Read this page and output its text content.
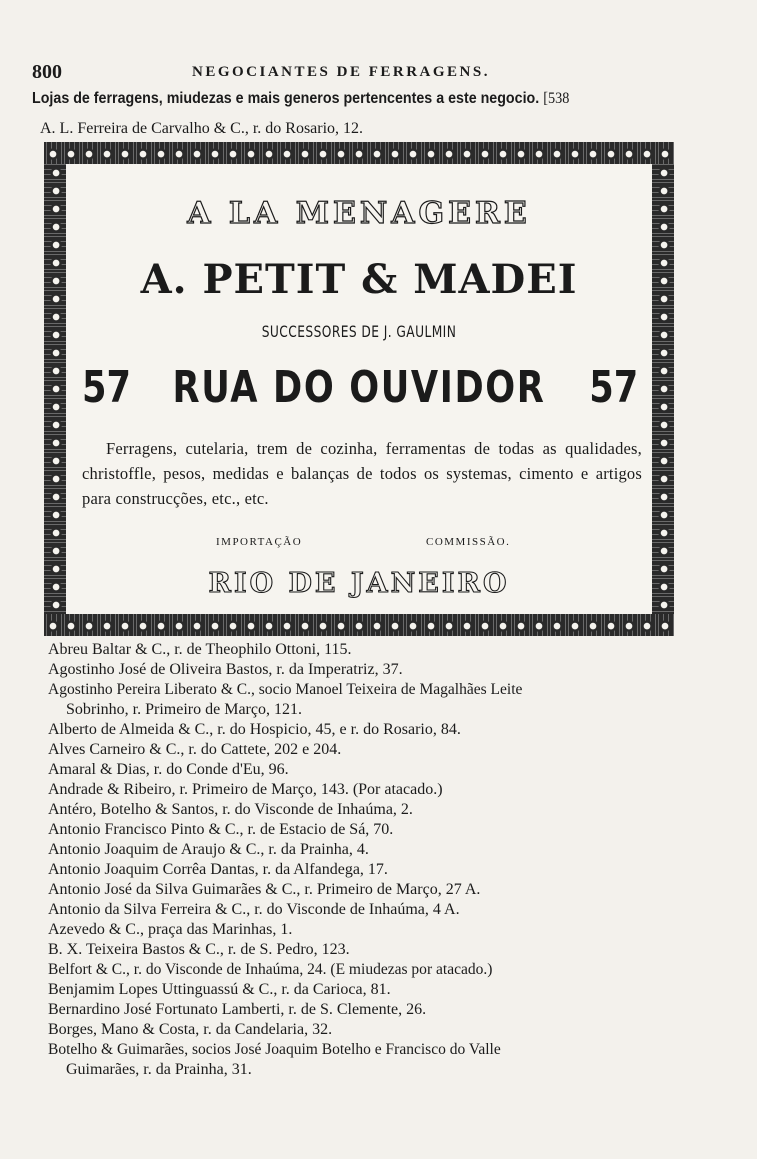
800	NEGOCIANTES DE FERRAGENS.
Lojas de ferragens, miudezas e mais generos pertencentes a este negocio. [538
A. L. Ferreira de Carvalho & C., r. do Rosario, 12.
A LA MENAGERE
A. PETIT & MADEI
SUCCESSORES DE J. GAULMIN
RUA DO OUVIDOR
57	57
Ferragens, cutelaria, trem de cozinha, ferramentas de todas as qualidades, christoffle, pesos, medidas e balanças de todos os systemas, cimento e artigos para construcções, etc., etc.
IMPORTAÇÃO	COMMISSÃO.
RIO DE JANEIRO
Abreu Baltar & C., r. de Theophilo Ottoni, 115.
Agostinho José de Oliveira Bastos, r. da Imperatriz, 37.
Agostinho Pereira Liberato & C., socio Manoel Teixeira de Magalhães Leite
Sobrinho, r. Primeiro de Março, 121.
Alberto de Almeida & C., r. do Hospicio, 45, e r. do Rosario, 84.
Alves Carneiro & C., r. do Cattete, 202 e 204.
Amaral & Dias, r. do Conde d'Eu, 96.
Andrade & Ribeiro, r. Primeiro de Março, 143. (Por atacado.)
Antéro, Botelho & Santos, r. do Visconde de Inhaúma, 2.
Antonio Francisco Pinto & C., r. de Estacio de Sá, 70.
Antonio Joaquim de Araujo & C., r. da Prainha, 4.
Antonio Joaquim Corrêa Dantas, r. da Alfandega, 17.
Antonio José da Silva Guimarães & C., r. Primeiro de Março, 27 A.
Antonio da Silva Ferreira & C., r. do Visconde de Inhaúma, 4 A.
Azevedo & C., praça das Marinhas, 1.
B. X. Teixeira Bastos & C., r. de S. Pedro, 123.
Belfort & C., r. do Visconde de Inhaúma, 24. (E miudezas por atacado.)
Benjamim Lopes Uttinguassú & C., r. da Carioca, 81.
Bernardino José Fortunato Lamberti, r. de S. Clemente, 26.
Borges, Mano & Costa, r. da Candelaria, 32.
Botelho & Guimarães, socios José Joaquim Botelho e Francisco do Valle
Guimarães, r. da Prainha, 31.
